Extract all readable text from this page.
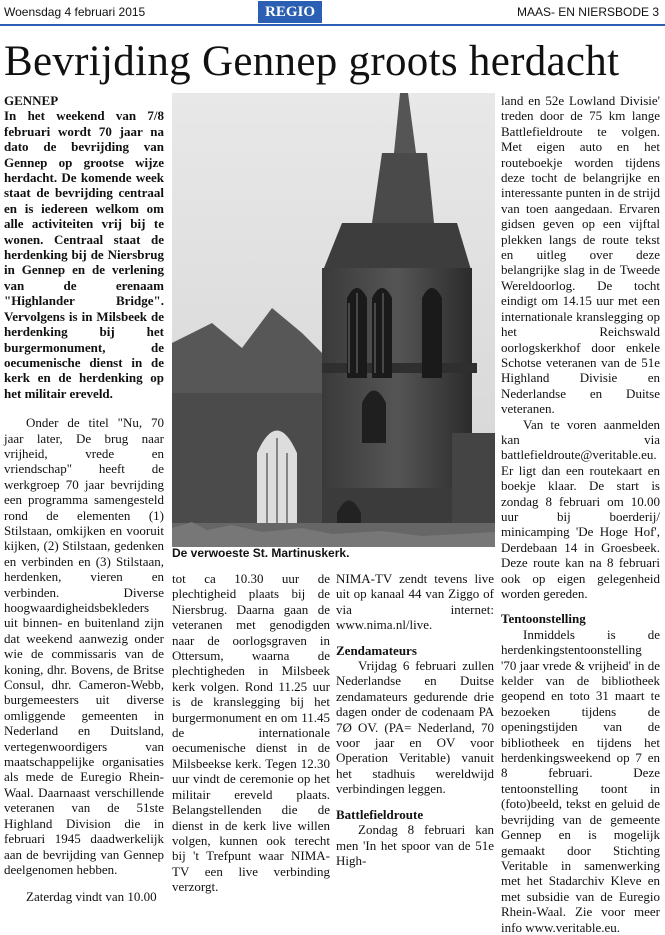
Woensdag 4 februari 2015	REGIO	MAAS- EN NIERSBODE 3
Bevrijding Gennep groots herdacht

GENNEP

In het weekend van 7/8 februari wordt 70 jaar na dato de bevrijding van Gennep op grootse wijze herdacht. De komende week staat de bevrijding centraal en is iedereen welkom om alle activiteiten vrij bij te wonen. Centraal staat de herdenking bij de Niersbrug in Gennep en de verlening van de erenaam "Highlander Bridge". Vervolgens is in Milsbeek de herdenking bij het burgermonument, de oecumenische dienst in de kerk en de herdenking op het militair ereveld.

Onder de titel "Nu, 70 jaar later, De brug naar vrijheid, vrede en vriendschap" heeft de werkgroep 70 jaar bevrijding een programma samengesteld rond de elementen (1) Stilstaan, omkijken en vooruit kijken, (2) Stilstaan, gedenken en verbinden en (3) Stilstaan, herdenken, vieren en verbinden. Diverse hoogwaardigheidsbekleders uit binnen- en buitenland zijn dat weekend aanwezig onder wie de commissaris van de koning, dhr. Bovens, de Britse Consul, dhr. Cameron-Webb, burgemeesters uit diverse omliggende gemeenten in Nederland en Duitsland, vertegenwoordigers van maatschappelijke organisaties als mede de Euregio Rhein-Waal. Daarnaast verschillende veteranen van de 51ste Highland Division die in februari 1945 daadwerkelijk aan de bevrijding van Gennep deelgenomen hebben.

Zaterdag vindt van 10.00

De verwoeste St. Martinuskerk.

tot ca 10.30 uur de plechtigheid plaats bij de Niersbrug. Daarna gaan de veteranen met genodigden naar de oorlogsgraven in Ottersum, waarna de plechtigheden in Milsbeek kerk volgen. Rond 11.25 uur is de kranslegging bij het burgermonument en om 11.45 de internationale oecumenische dienst in de Milsbeekse kerk. Tegen 12.30 uur vindt de ceremonie op het militair ereveld plaats. Belangstellenden die de dienst in de kerk live willen volgen, kunnen ook terecht bij 't Trefpunt waar NIMA-TV een live verbinding verzorgt.

NIMA-TV zendt tevens live uit op kanaal 44 van Ziggo of via internet: www.nima.nl/live.

Zendamateurs

Vrijdag 6 februari zullen Nederlandse en Duitse zendamateurs gedurende drie dagen onder de codenaam PA 7Ø OV. (PA= Nederland, 70 voor jaar en OV voor Operation Veritable) vanuit het stadhuis wereldwijd verbindingen leggen.

Battlefieldroute

Zondag 8 februari kan men 'In het spoor van de 51e High-

land en 52e Lowland Divisie' treden door de 75 km lange Battlefieldroute te volgen. Met eigen auto en het routeboekje worden tijdens deze tocht de belangrijke en interessante punten in de strijd van toen aangedaan. Ervaren gidsen geven op een vijftal plekken langs de route tekst en uitleg over deze belangrijke slag in de Tweede Wereldoorlog. De tocht eindigt om 14.15 uur met een internationale kranslegging op het Reichswald oorlogskerkhof door enkele Schotse veteranen van de 51e Highland Divisie en Nederlandse en Duitse veteranen.

Van te voren aanmelden kan via battlefieldroute@veritable.eu. Er ligt dan een routekaart en boekje klaar. De start is zondag 8 februari om 10.00 uur bij boerderij/ minicamping 'De Hoge Hof', Derdebaan 14 in Groesbeek. Deze route kan na 8 februari ook op eigen gelegenheid worden gereden.

Tentoonstelling

Inmiddels is de herdenkingstentoonstelling '70 jaar vrede & vrijheid' in de kelder van de bibliotheek geopend en toto 31 maart te bezoeken tijdens de openingstijden van de bibliotheek en tijdens het herdenkingsweekend op 7 en 8 februari. Deze tentoonstelling toont in (foto)beeld, tekst en geluid de bevrijding van de gemeente Gennep en is mogelijk gemaakt door Stichting Veritable in samenwerking met het Stadarchiv Kleve en met subsidie van de Euregio Rhein-Waal. Zie voor meer info www.veritable.eu.
